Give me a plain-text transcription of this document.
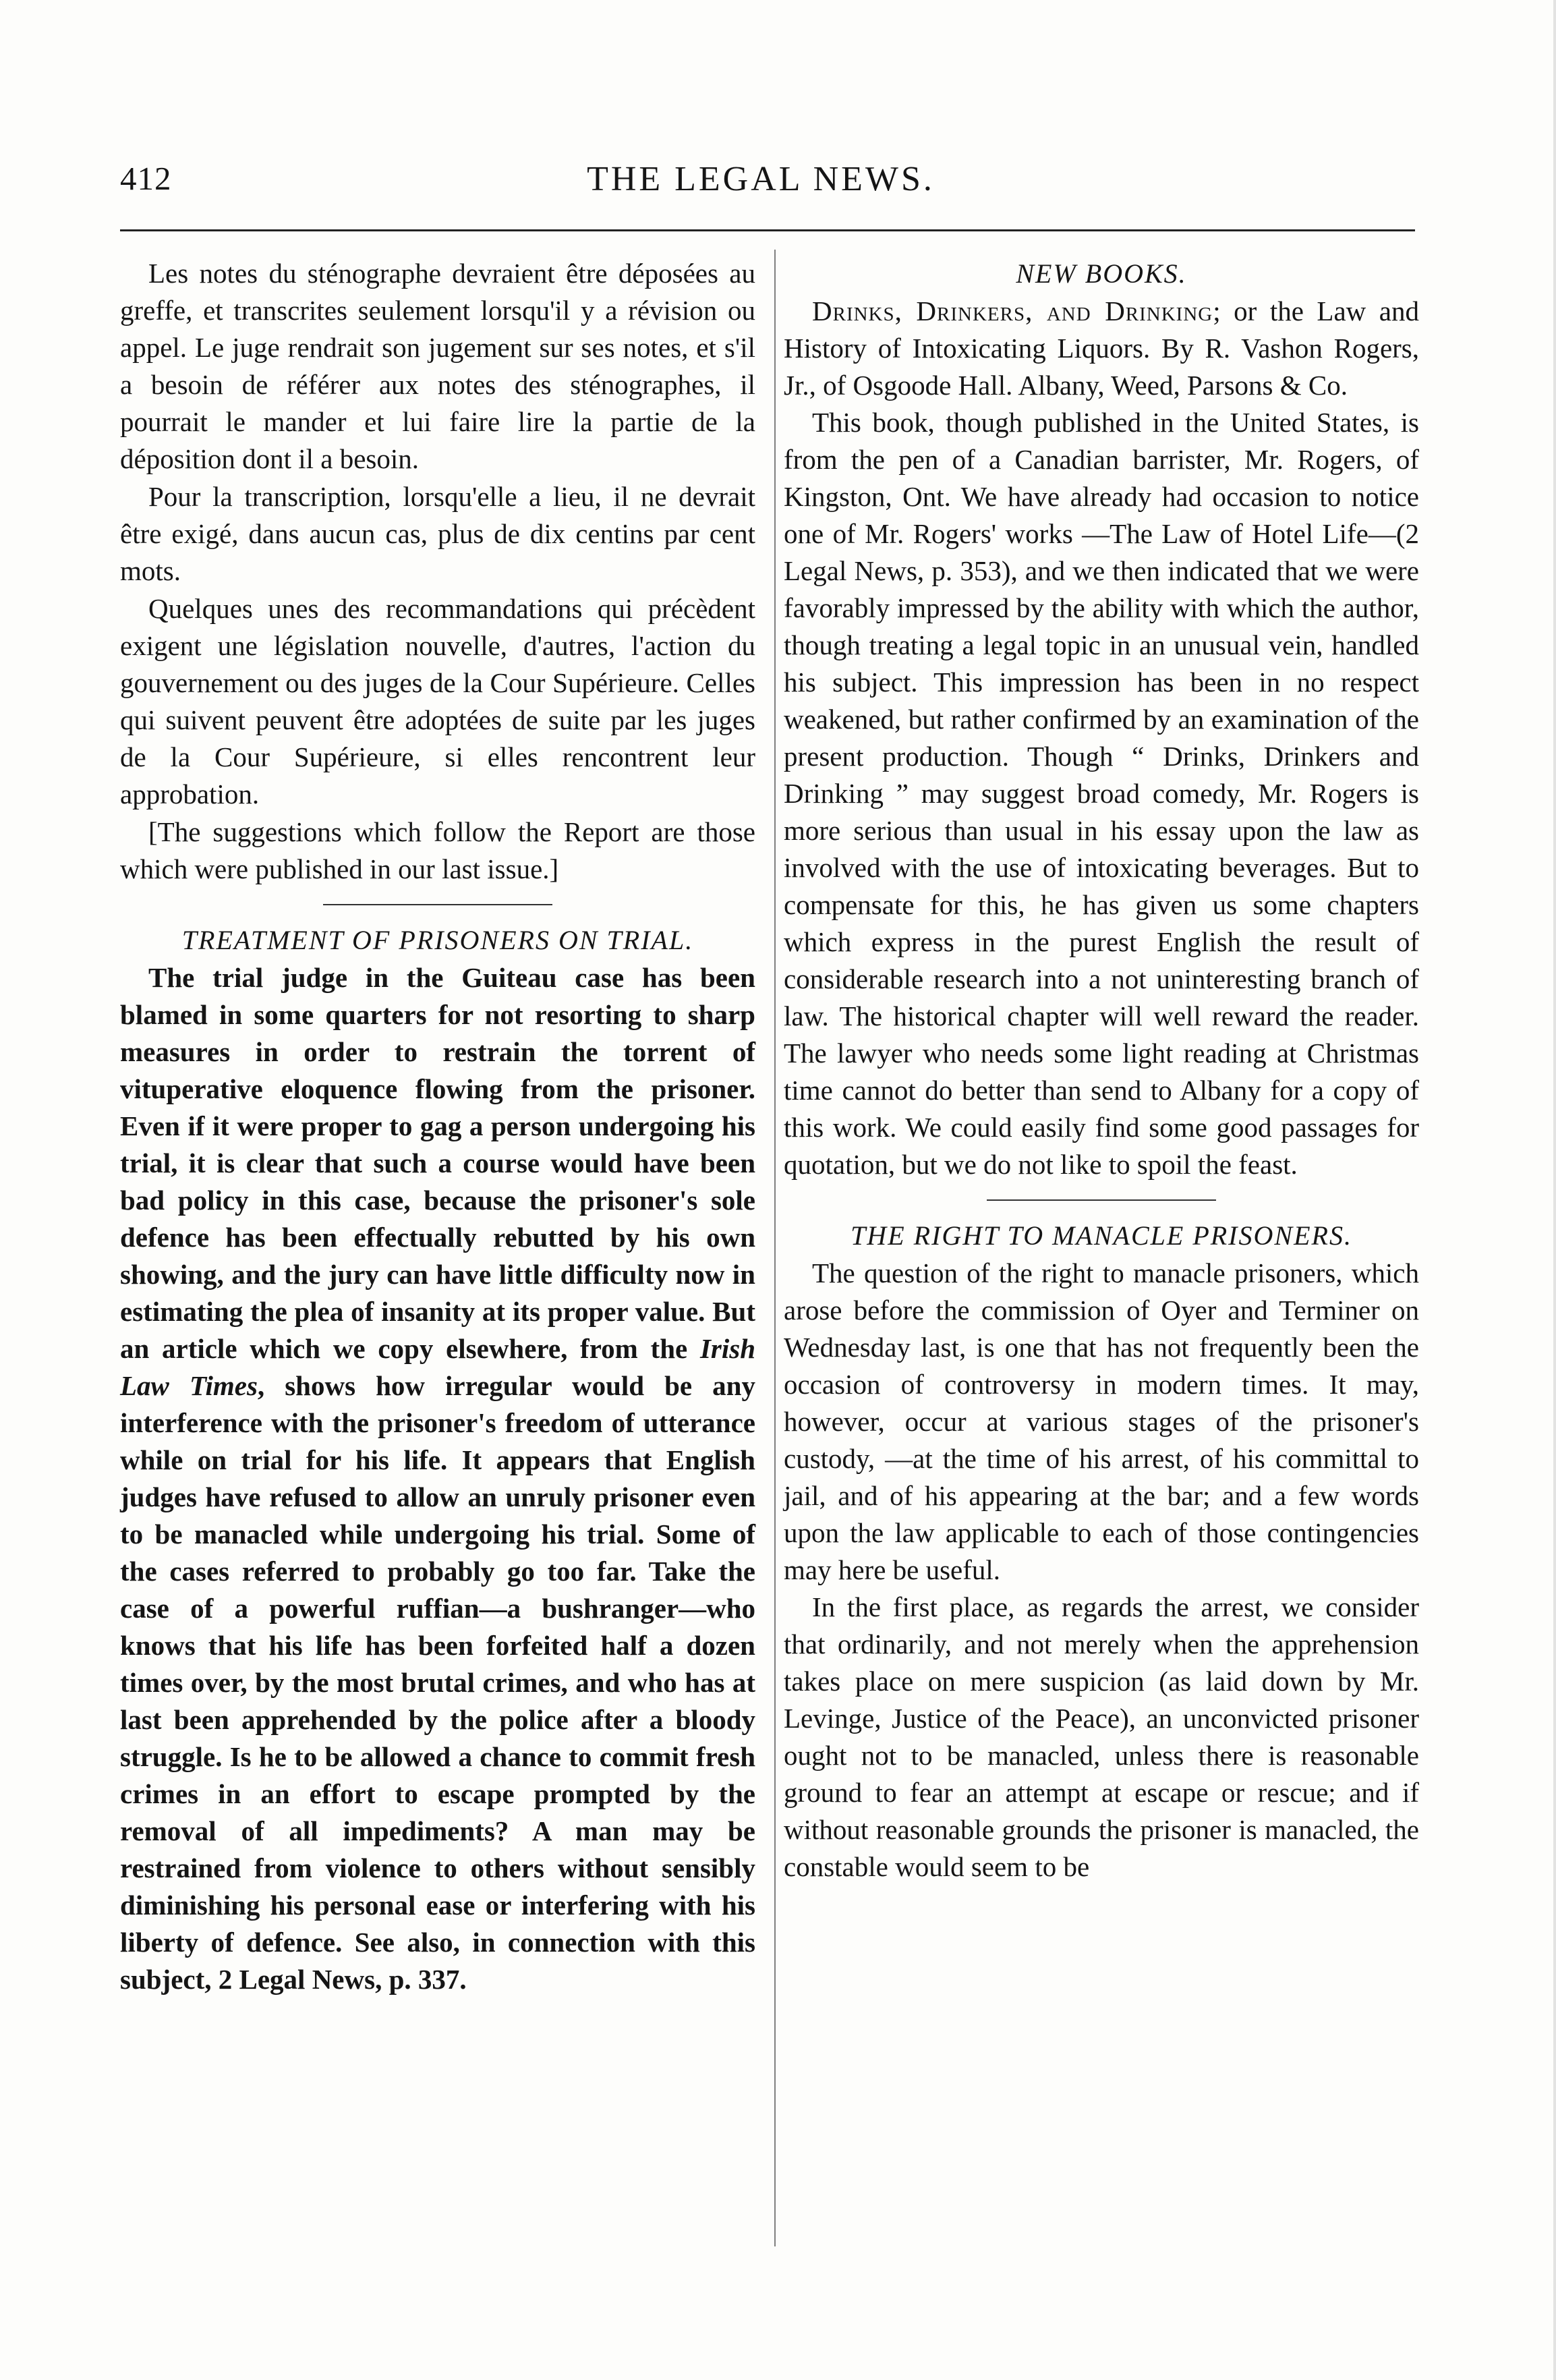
412	THE LEGAL NEWS.

Les notes du sténographe devraient être déposées au greffe, et transcrites seulement lorsqu'il y a révision ou appel. Le juge rendrait son jugement sur ses notes, et s'il a besoin de référer aux notes des sténographes, il pourrait le mander et lui faire lire la partie de la déposition dont il a besoin.

Pour la transcription, lorsqu'elle a lieu, il ne devrait être exigé, dans aucun cas, plus de dix centins par cent mots.

Quelques unes des recommandations qui précèdent exigent une législation nouvelle, d'autres, l'action du gouvernement ou des juges de la Cour Supérieure. Celles qui suivent peuvent être adoptées de suite par les juges de la Cour Supérieure, si elles rencontrent leur approbation.

[The suggestions which follow the Report are those which were published in our last issue.]

TREATMENT OF PRISONERS ON TRIAL.

The trial judge in the Guiteau case has been blamed in some quarters for not resorting to sharp measures in order to restrain the torrent of vituperative eloquence flowing from the prisoner. Even if it were proper to gag a person undergoing his trial, it is clear that such a course would have been bad policy in this case, because the prisoner's sole defence has been effectually rebutted by his own showing, and the jury can have little difficulty now in estimating the plea of insanity at its proper value. But an article which we copy elsewhere, from the Irish Law Times, shows how irregular would be any interference with the prisoner's freedom of utterance while on trial for his life. It appears that English judges have refused to allow an unruly prisoner even to be manacled while undergoing his trial. Some of the cases referred to probably go too far. Take the case of a powerful ruffian—a bushranger—who knows that his life has been forfeited half a dozen times over, by the most brutal crimes, and who has at last been apprehended by the police after a bloody struggle. Is he to be allowed a chance to commit fresh crimes in an effort to escape prompted by the removal of all impediments? A man may be restrained from violence to others without sensibly diminishing his personal ease or interfering with his liberty of defence. See also, in connection with this subject, 2 Legal News, p. 337.

NEW BOOKS.

Drinks, Drinkers, and Drinking; or the Law and History of Intoxicating Liquors. By R. Vashon Rogers, Jr., of Osgoode Hall. Albany, Weed, Parsons & Co.

This book, though published in the United States, is from the pen of a Canadian barrister, Mr. Rogers, of Kingston, Ont. We have already had occasion to notice one of Mr. Rogers' works —The Law of Hotel Life—(2 Legal News, p. 353), and we then indicated that we were favorably impressed by the ability with which the author, though treating a legal topic in an unusual vein, handled his subject. This impression has been in no respect weakened, but rather confirmed by an examination of the present production. Though “ Drinks, Drinkers and Drinking ” may suggest broad comedy, Mr. Rogers is more serious than usual in his essay upon the law as involved with the use of intoxicating beverages. But to compensate for this, he has given us some chapters which express in the purest English the result of considerable research into a not uninteresting branch of law. The historical chapter will well reward the reader. The lawyer who needs some light reading at Christmas time cannot do better than send to Albany for a copy of this work. We could easily find some good passages for quotation, but we do not like to spoil the feast.

THE RIGHT TO MANACLE PRISONERS.

The question of the right to manacle prisoners, which arose before the commission of Oyer and Terminer on Wednesday last, is one that has not frequently been the occasion of controversy in modern times. It may, however, occur at various stages of the prisoner's custody, —at the time of his arrest, of his committal to jail, and of his appearing at the bar; and a few words upon the law applicable to each of those contingencies may here be useful.

In the first place, as regards the arrest, we consider that ordinarily, and not merely when the apprehension takes place on mere suspicion (as laid down by Mr. Levinge, Justice of the Peace), an unconvicted prisoner ought not to be manacled, unless there is reasonable ground to fear an attempt at escape or rescue; and if without reasonable grounds the prisoner is manacled, the constable would seem to be
